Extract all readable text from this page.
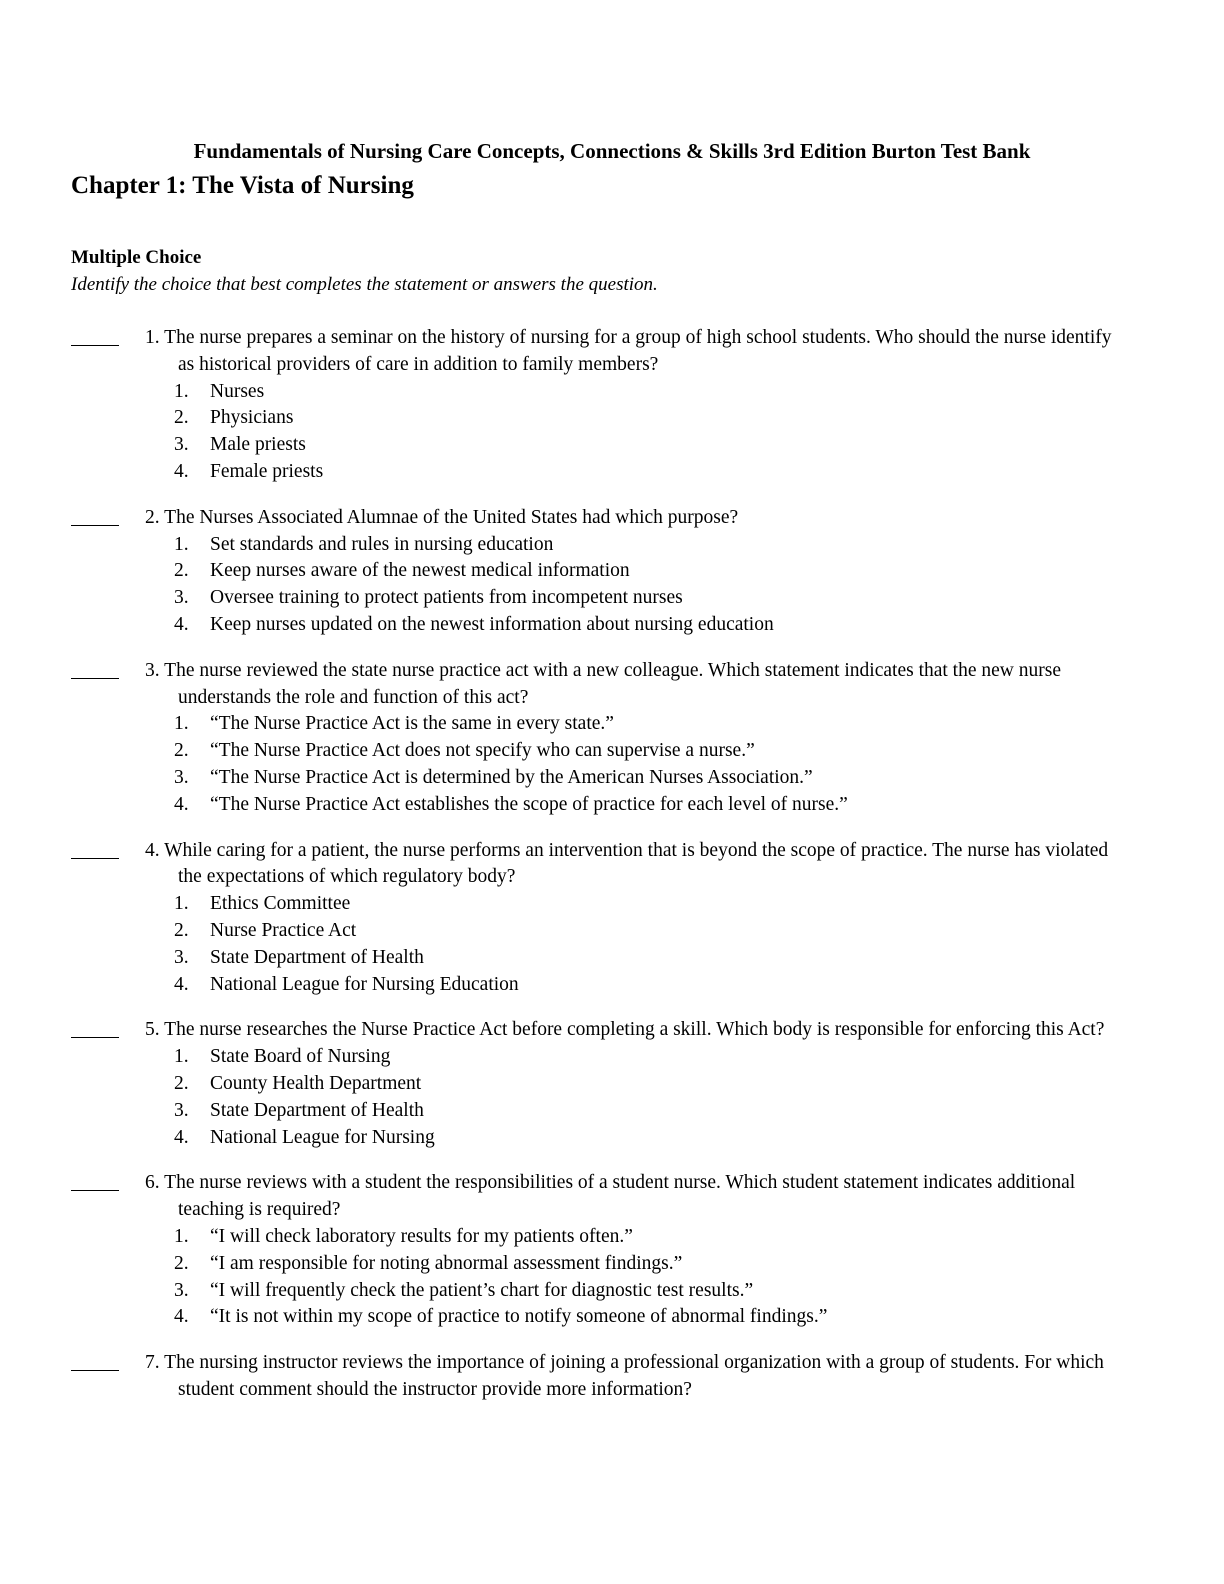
Fundamentals of Nursing Care Concepts, Connections & Skills 3rd Edition Burton Test Bank
Chapter 1: The Vista of Nursing
Multiple Choice
Identify the choice that best completes the statement or answers the question.
1. The nurse prepares a seminar on the history of nursing for a group of high school students. Who should the nurse identify as historical providers of care in addition to family members?
1. Nurses
2. Physicians
3. Male priests
4. Female priests
2. The Nurses Associated Alumnae of the United States had which purpose?
1. Set standards and rules in nursing education
2. Keep nurses aware of the newest medical information
3. Oversee training to protect patients from incompetent nurses
4. Keep nurses updated on the newest information about nursing education
3. The nurse reviewed the state nurse practice act with a new colleague. Which statement indicates that the new nurse understands the role and function of this act?
1. “The Nurse Practice Act is the same in every state.”
2. “The Nurse Practice Act does not specify who can supervise a nurse.”
3. “The Nurse Practice Act is determined by the American Nurses Association.”
4. “The Nurse Practice Act establishes the scope of practice for each level of nurse.”
4. While caring for a patient, the nurse performs an intervention that is beyond the scope of practice. The nurse has violated the expectations of which regulatory body?
1. Ethics Committee
2. Nurse Practice Act
3. State Department of Health
4. National League for Nursing Education
5. The nurse researches the Nurse Practice Act before completing a skill. Which body is responsible for enforcing this Act?
1. State Board of Nursing
2. County Health Department
3. State Department of Health
4. National League for Nursing
6. The nurse reviews with a student the responsibilities of a student nurse. Which student statement indicates additional teaching is required?
1. “I will check laboratory results for my patients often.”
2. “I am responsible for noting abnormal assessment findings.”
3. “I will frequently check the patient’s chart for diagnostic test results.”
4. “It is not within my scope of practice to notify someone of abnormal findings.”
7. The nursing instructor reviews the importance of joining a professional organization with a group of students. For which student comment should the instructor provide more information?
